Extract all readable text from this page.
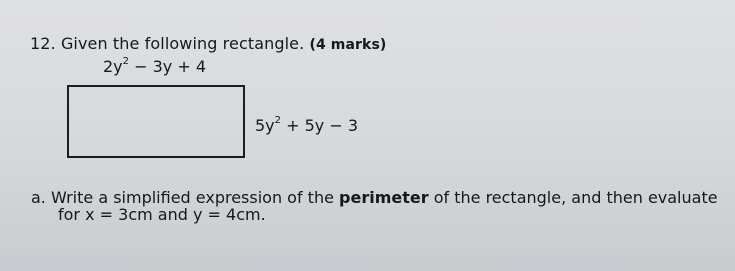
12. Given the following rectangle. (4 marks)
$2y^2 - 3y + 4$
$5y^2 + 5y - 3$
a. Write a simplified expression of the perimeter of the rectangle, and then evaluate
for x = 3cm and y = 4cm.
